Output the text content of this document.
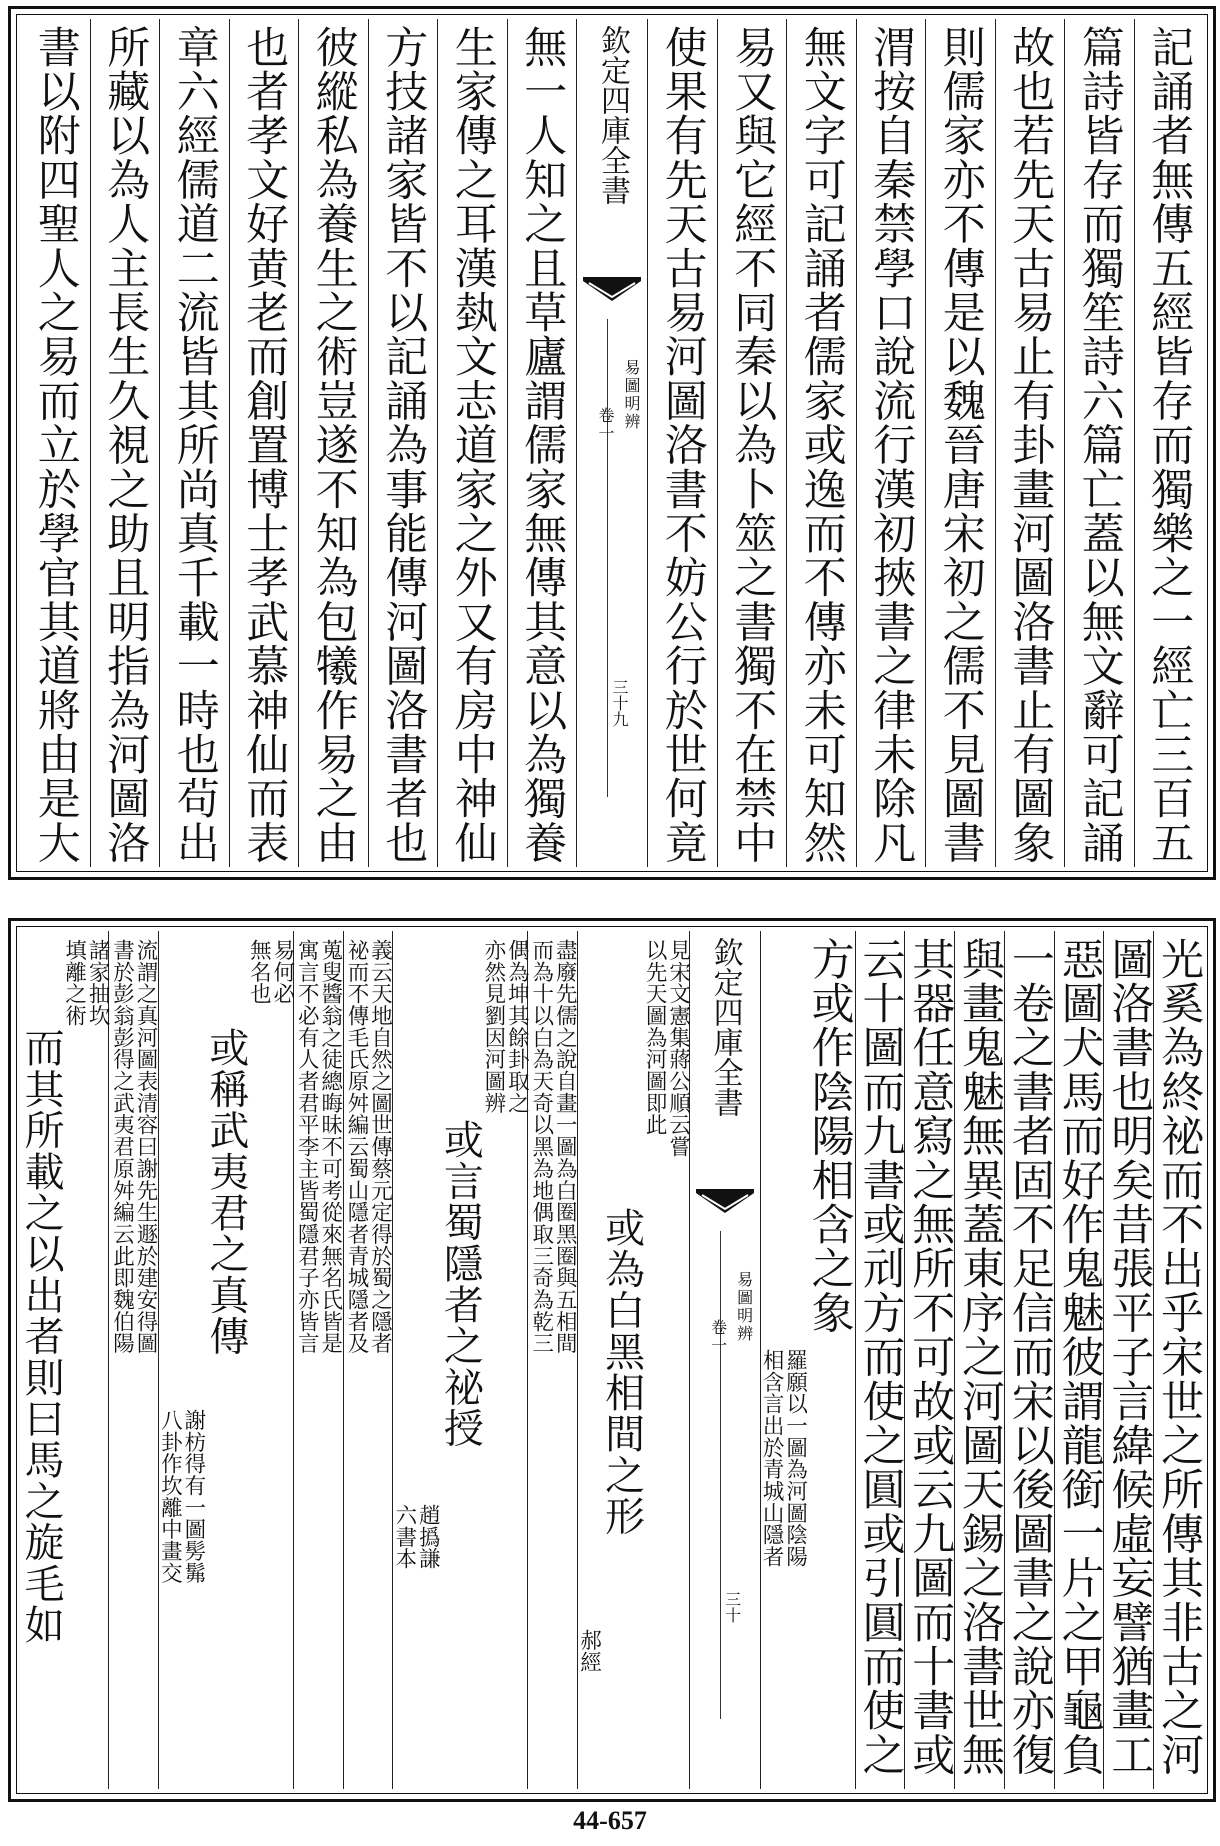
記誦者無傳五經皆存而獨樂之一經亡三百五
篇詩皆存而獨笙詩六篇亡蓋以無文辭可記誦
故也若先天古易止有卦畫河圖洛書止有圖象
則儒家亦不傳是以魏晉唐宋初之儒不見圖書
渭按自秦禁學口說流行漢初挾書之律未除凡
無文字可記誦者儒家或逸而不傳亦未可知然
易又與它經不同秦以為卜筮之書獨不在禁中
使果有先天古易河圖洛書不妨公行於世何竟
欽定四庫全書
易圖明辨
卷一
三十九
無一人知之且草廬謂儒家無傳其意以為獨養
生家傳之耳漢埶文志道家之外又有房中神仙
方技諸家皆不以記誦為事能傳河圖洛書者也
彼縱私為養生之術豈遂不知為包犧作易之由
也者孝文好黄老而創置博士孝武慕神仙而表
章六經儒道二流皆其所尚真千載一時也茍出
所藏以為人主長生久視之助且明指為河圖洛
書以附四聖人之易而立於學官其道將由是大
光奚為終祕而不出乎宋世之所傳其非古之河
圖洛書也明矣昔張平子言緯候虛妄譬猶畫工
惡圖犬馬而好作鬼魅彼謂龍銜一片之甲龜負
一卷之書者固不足信而宋以後圖書之說亦復
與畫鬼魅無異蓋東序之河圖天錫之洛書世無
其器任意寫之無所不可故或云九圖而十書或
云十圖而九書或刓方而使之圓或引圓而使之
方或作陰陽相含之象
羅願以一圖為河圖陰陽
相含言出於青城山隱者
欽定四庫全書
易圖明辨
卷一
三十
見宋文憲集蔣公順云嘗
以先天圖為河圖即此
或為白黑相間之形
郝經
盡廢先儒之說自畫一圖為白圈黑圈與五相間
而為十以白為天奇以黑為地偶取三奇為乾三
偶為坤其餘卦取之
亦然見劉因河圖辨
或言蜀隱者之祕授
趙撝謙
六書本
義云天地自然之圖世傳蔡元定得於蜀之隱者
祕而不傳毛氏原舛編云蜀山隱者青城隱者及
蒐叟醬翁之徒總晦昧不可考從來無名氏皆是
寓言不必有人者君平李主皆蜀隱君子亦皆言
易何必
無名也
或稱武夷君之真傳
謝枋得有一圖髣髴
八卦作坎離中畫交
流謂之真河圖表清容曰謝先生遯於建安得圖
書於彭翁彭得之武夷君原舛編云此即魏伯陽
諸家抽坎
填離之術
而其所載之以出者則曰馬之旋毛如
44-657
